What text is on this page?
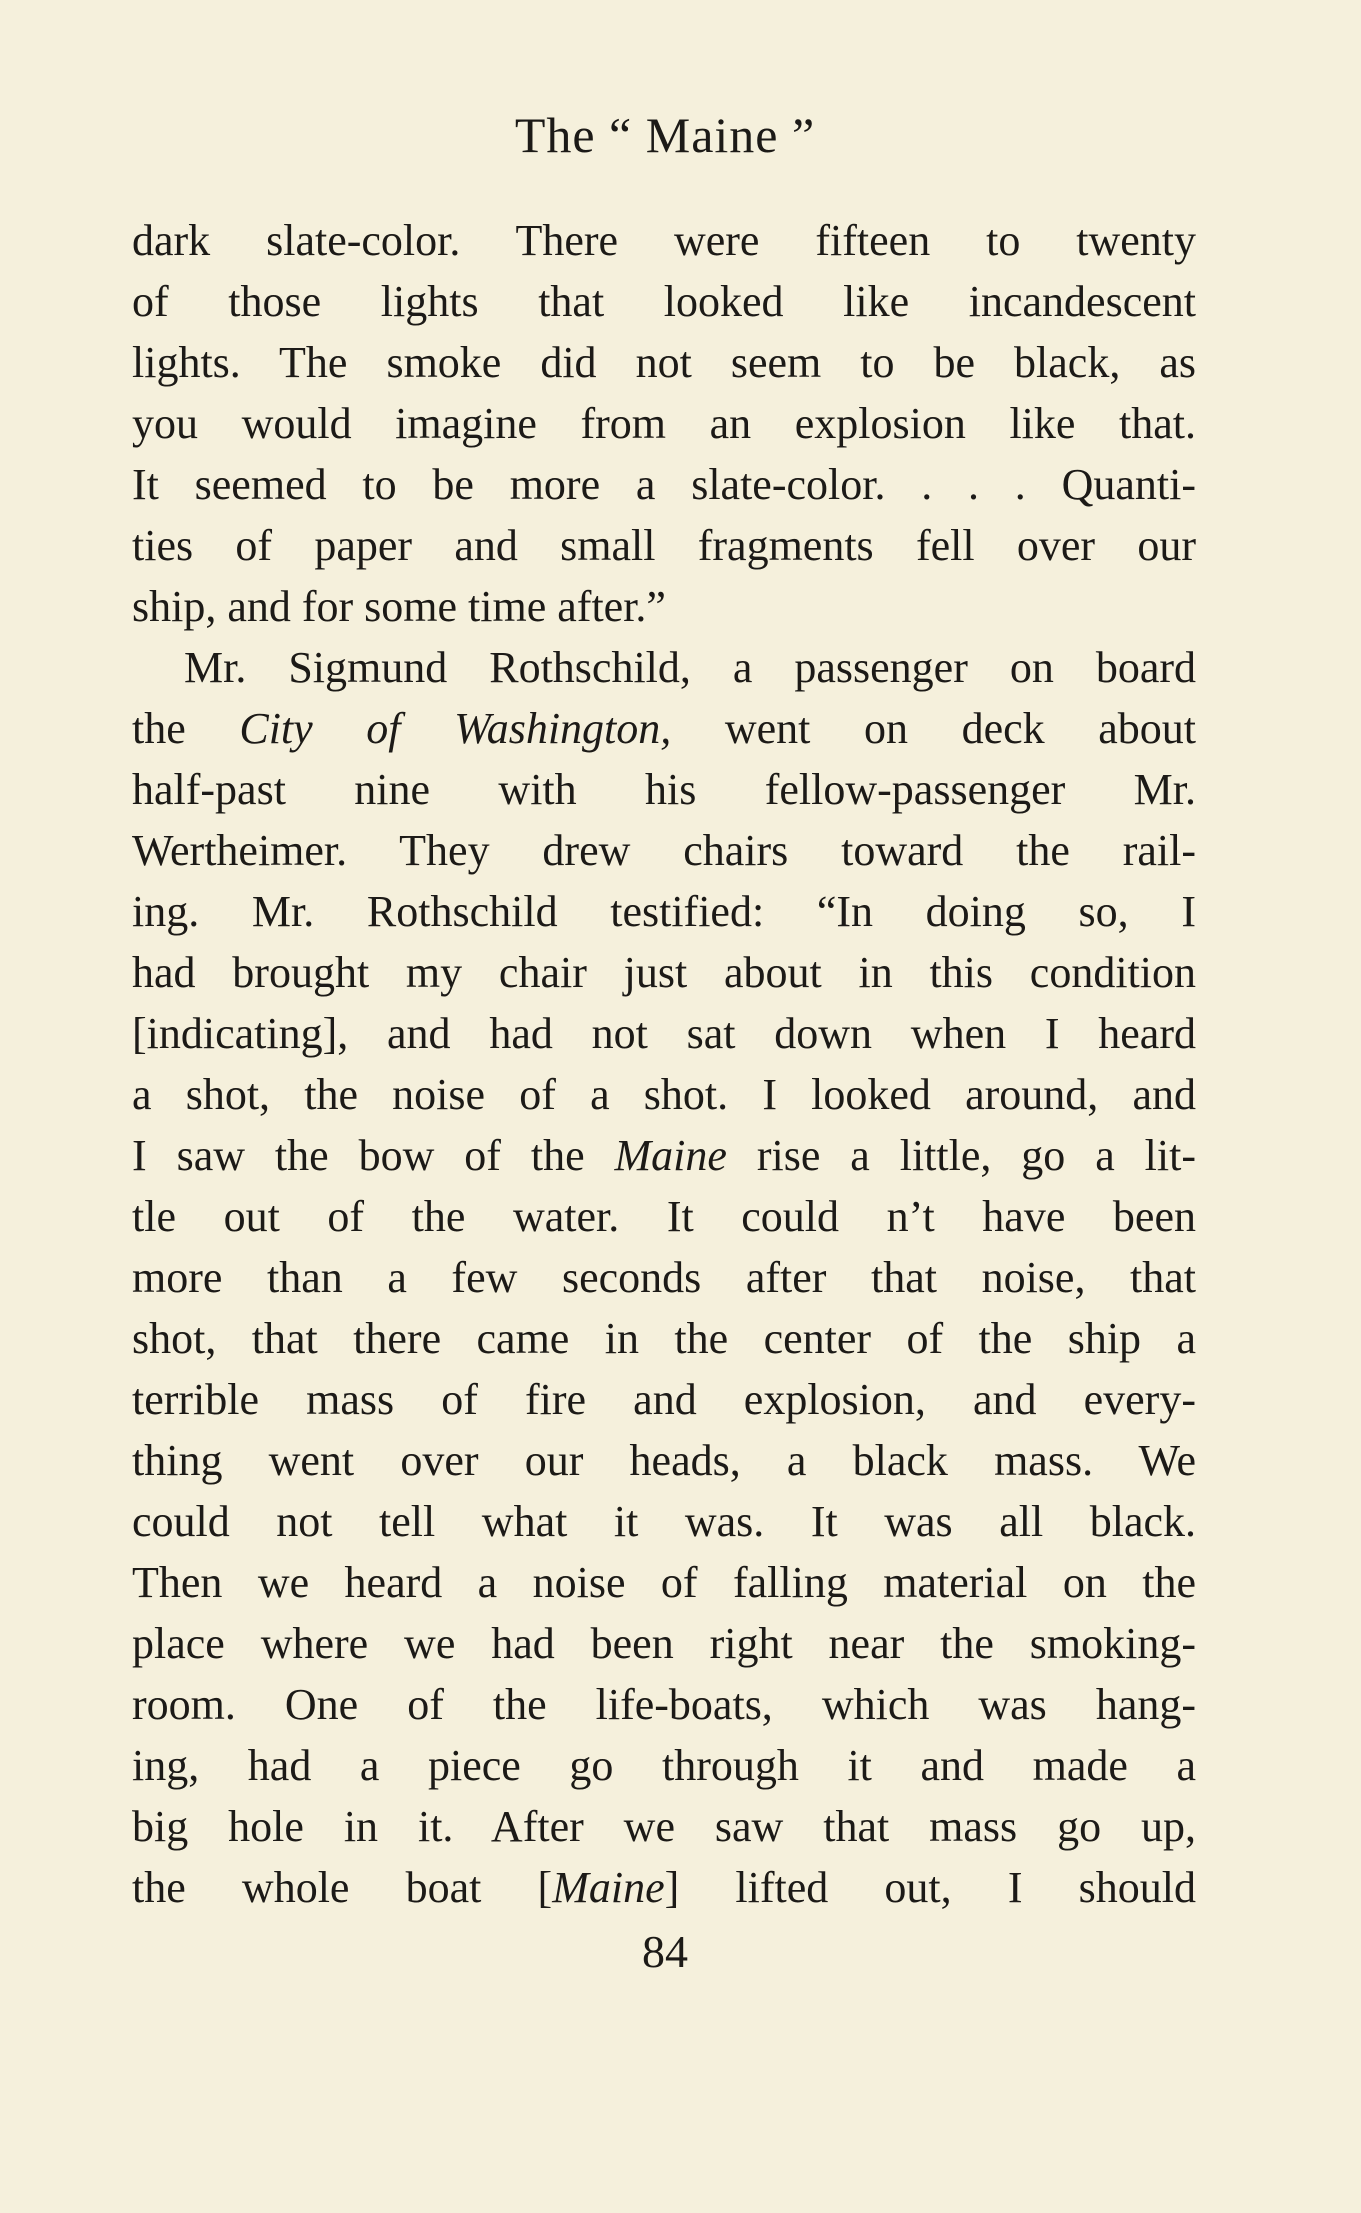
The “ Maine ”
dark slate-color. There were fifteen to twenty
of those lights that looked like incandescent
lights. The smoke did not seem to be black, as
you would imagine from an explosion like that.
It seemed to be more a slate-color. . . . Quanti-
ties of paper and small fragments fell over our
ship, and for some time after.”
Mr. Sigmund Rothschild, a passenger on board
the City of Washington, went on deck about
half-past nine with his fellow-passenger Mr.
Wertheimer. They drew chairs toward the rail-
ing. Mr. Rothschild testified: “In doing so, I
had brought my chair just about in this condition
[indicating], and had not sat down when I heard
a shot, the noise of a shot. I looked around, and
I saw the bow of the Maine rise a little, go a lit-
tle out of the water. It could n’t have been
more than a few seconds after that noise, that
shot, that there came in the center of the ship a
terrible mass of fire and explosion, and every-
thing went over our heads, a black mass. We
could not tell what it was. It was all black.
Then we heard a noise of falling material on the
place where we had been right near the smoking-
room. One of the life-boats, which was hang-
ing, had a piece go through it and made a
big hole in it. After we saw that mass go up,
the whole boat [Maine] lifted out, I should
84
